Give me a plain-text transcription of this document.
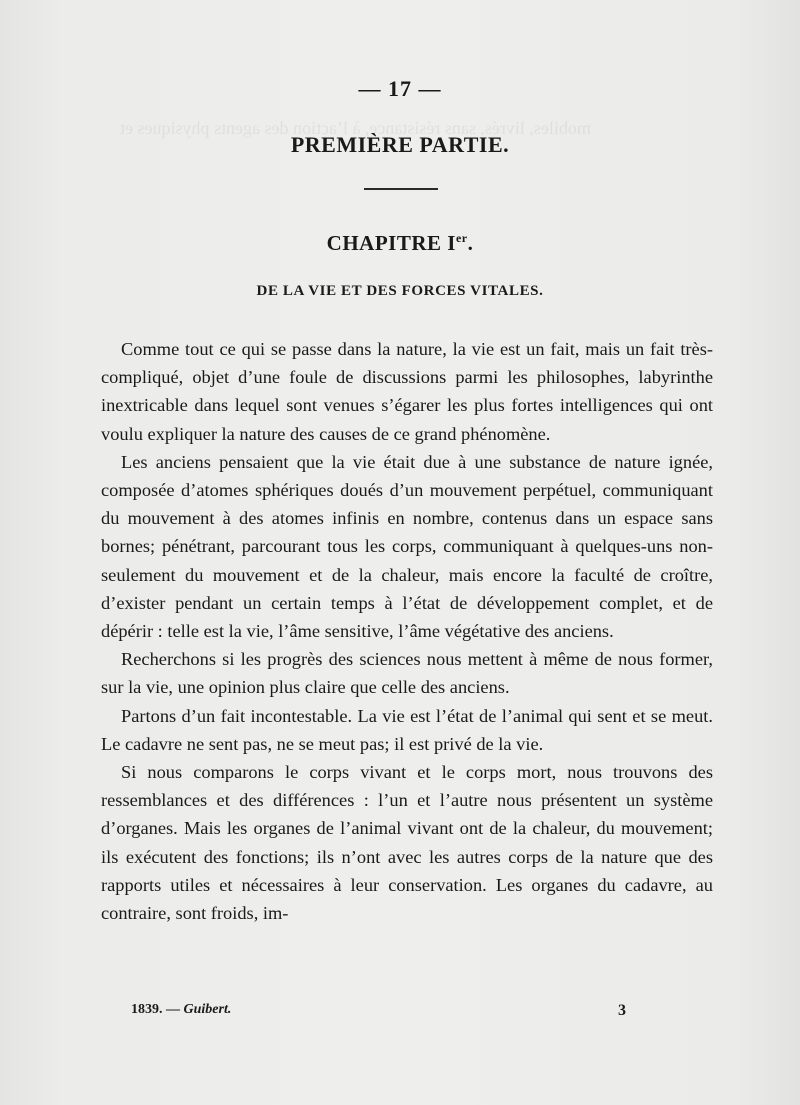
mobiles, livrés, sans résistance, à l’action des agents physiques et
— 17 —
PREMIÈRE PARTIE.
CHAPITRE Ier.
DE LA VIE ET DES FORCES VITALES.

Comme tout ce qui se passe dans la nature, la vie est un fait, mais un fait très-compliqué, objet d’une foule de discussions parmi les philosophes, labyrinthe inextricable dans lequel sont venues s’égarer les plus fortes intelligences qui ont voulu expliquer la nature des causes de ce grand phénomène.

Les anciens pensaient que la vie était due à une substance de nature ignée, composée d’atomes sphériques doués d’un mouvement perpétuel, communiquant du mouvement à des atomes infinis en nombre, contenus dans un espace sans bornes; pénétrant, parcourant tous les corps, communiquant à quelques-uns non-seulement du mouvement et de la chaleur, mais encore la faculté de croître, d’exister pendant un certain temps à l’état de développement complet, et de dépérir : telle est la vie, l’âme sensitive, l’âme végétative des anciens.

Recherchons si les progrès des sciences nous mettent à même de nous former, sur la vie, une opinion plus claire que celle des anciens.

Partons d’un fait incontestable. La vie est l’état de l’animal qui sent et se meut. Le cadavre ne sent pas, ne se meut pas; il est privé de la vie.

Si nous comparons le corps vivant et le corps mort, nous trouvons des ressemblances et des différences : l’un et l’autre nous présentent un système d’organes. Mais les organes de l’animal vivant ont de la chaleur, du mouvement; ils exécutent des fonctions; ils n’ont avec les autres corps de la nature que des rapports utiles et nécessaires à leur conservation. Les organes du cadavre, au contraire, sont froids, im-

1839. — Guibert.	3
